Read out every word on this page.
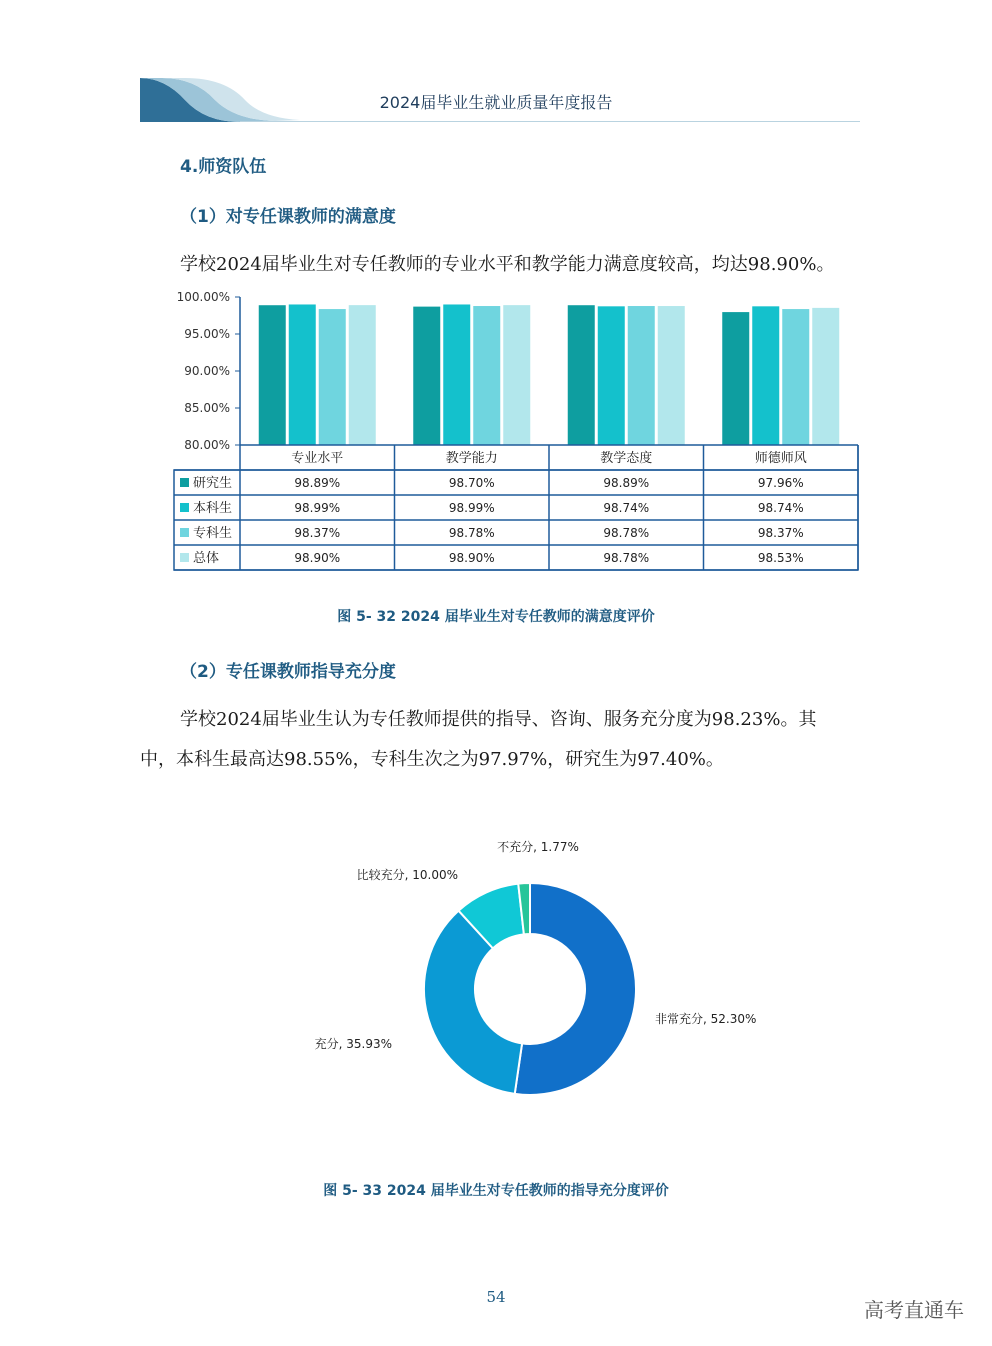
2024届毕业生就业质量年度报告
4.师资队伍
（1）对专任课教师的满意度
学校2024届毕业生对专任教师的专业水平和教学能力满意度较高，均达98.90%。
80.00%
85.00%
90.00%
95.00%
100.00%
专业水平	教学能力	教学态度	师德师风
研究生	98.89%	98.70%	98.89%	97.96%
本科生	98.99%	98.99%	98.74%	98.74%
专科生	98.37%	98.78%	98.78%	98.37%
总体	98.90%	98.90%	98.78%	98.53%
图 5- 32 2024 届毕业生对专任教师的满意度评价
（2）专任课教师指导充分度
学校2024届毕业生认为专任教师提供的指导、咨询、服务充分度为98.23%。其
中，本科生最高达98.55%，专科生次之为97.97%，研究生为97.40%。
非常充分, 52.30%
充分, 35.93%
比较充分, 10.00%
不充分, 1.77%
图 5- 33 2024 届毕业生对专任教师的指导充分度评价
54
高考直通车
